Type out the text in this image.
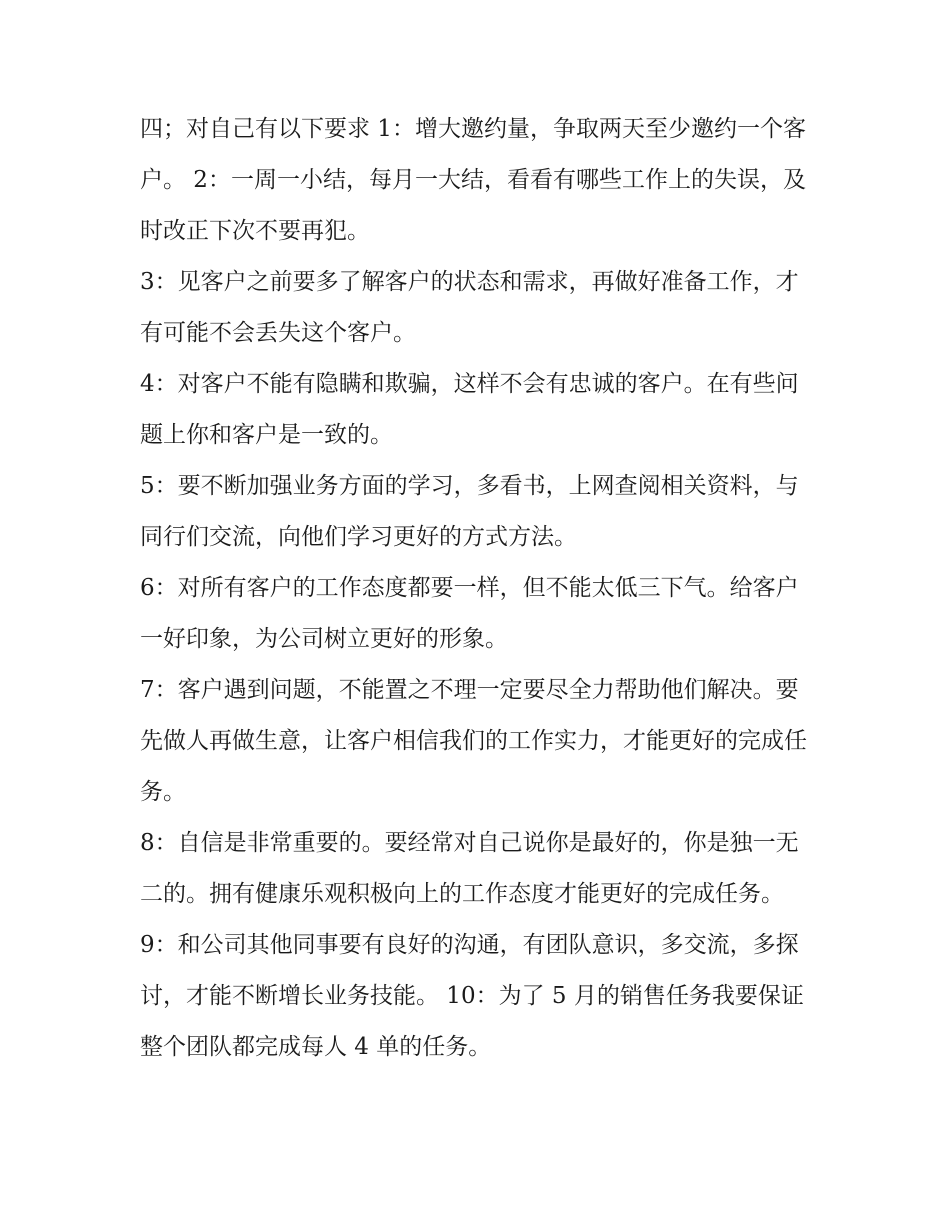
四；对自己有以下要求 1：增大邀约量，争取两天至少邀约一个客户。 2：一周一小结，每月一大结，看看有哪些工作上的失误，及时改正下次不要再犯。

3：见客户之前要多了解客户的状态和需求，再做好准备工作，才有可能不会丢失这个客户。

4：对客户不能有隐瞒和欺骗，这样不会有忠诚的客户。在有些问题上你和客户是一致的。

5：要不断加强业务方面的学习，多看书，上网查阅相关资料，与同行们交流，向他们学习更好的方式方法。

6：对所有客户的工作态度都要一样，但不能太低三下气。给客户一好印象，为公司树立更好的形象。

7：客户遇到问题，不能置之不理一定要尽全力帮助他们解决。要先做人再做生意，让客户相信我们的工作实力，才能更好的完成任务。

8：自信是非常重要的。要经常对自己说你是最好的，你是独一无二的。拥有健康乐观积极向上的工作态度才能更好的完成任务。

9：和公司其他同事要有良好的沟通，有团队意识，多交流，多探讨，才能不断增长业务技能。 10：为了 5 月的销售任务我要保证整个团队都完成每人 4 单的任务。
